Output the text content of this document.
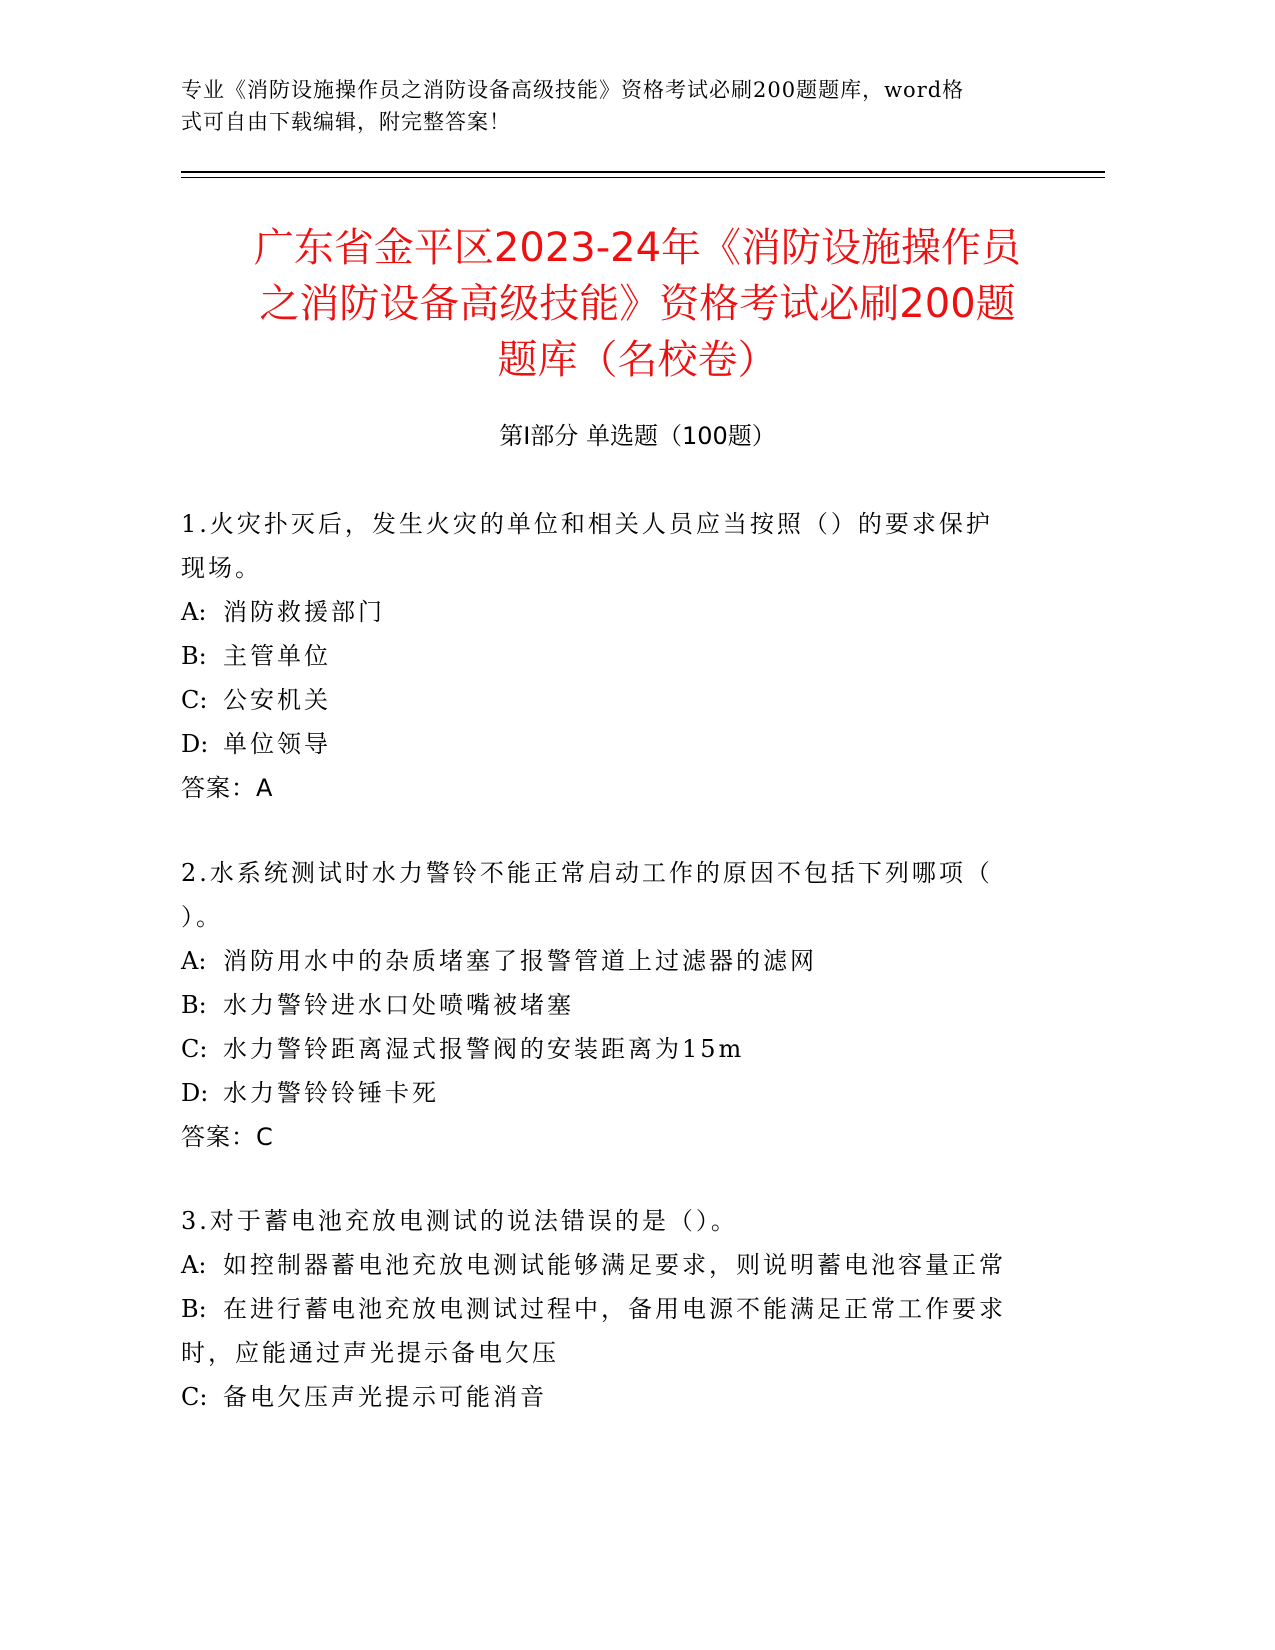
专业《消防设施操作员之消防设备高级技能》资格考试必刷200题题库，word格
式可自由下载编辑，附完整答案！
广东省金平区2023-24年《消防设施操作员
之消防设备高级技能》资格考试必刷200题
题库（名校卷）
第Ⅰ部分 单选题（100题）
1.火灾扑灭后，发生火灾的单位和相关人员应当按照（）的要求保护
现场。
A: 消防救援部门
B: 主管单位
C: 公安机关
D: 单位领导
答案：A
2.水系统测试时水力警铃不能正常启动工作的原因不包括下列哪项（
）。
A: 消防用水中的杂质堵塞了报警管道上过滤器的滤网
B: 水力警铃进水口处喷嘴被堵塞
C: 水力警铃距离湿式报警阀的安装距离为15m
D: 水力警铃铃锤卡死
答案：C
3.对于蓄电池充放电测试的说法错误的是（）。
A: 如控制器蓄电池充放电测试能够满足要求，则说明蓄电池容量正常
B: 在进行蓄电池充放电测试过程中，备用电源不能满足正常工作要求
时，应能通过声光提示备电欠压
C: 备电欠压声光提示可能消音
